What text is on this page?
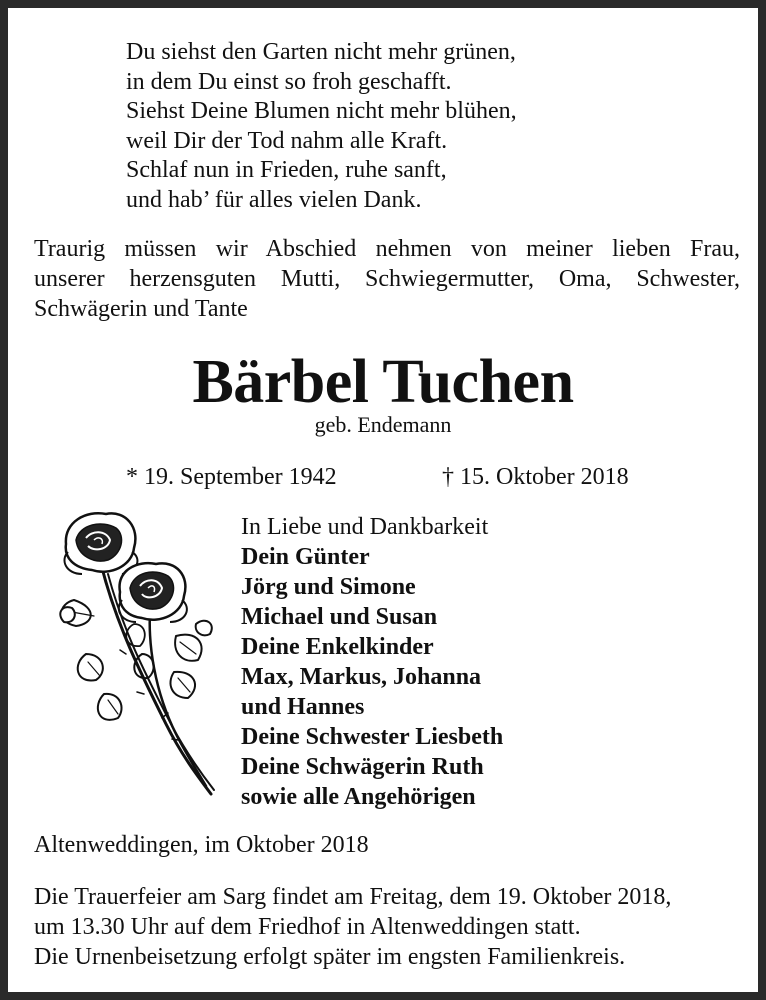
Du siehst den Garten nicht mehr grünen,
in dem Du einst so froh geschafft.
Siehst Deine Blumen nicht mehr blühen,
weil Dir der Tod nahm alle Kraft.
Schlaf nun in Frieden, ruhe sanft,
und hab’ für alles vielen Dank.
Traurig müssen wir Abschied nehmen von meiner lieben Frau,
unserer herzensguten Mutti, Schwiegermutter, Oma, Schwester,
Schwägerin und Tante
Bärbel Tuchen
geb. Endemann
* 19. September 1942	† 15. Oktober 2018
In Liebe und Dankbarkeit
Dein Günter
Jörg und Simone
Michael und Susan
Deine Enkelkinder
Max, Markus, Johanna
und Hannes
Deine Schwester Liesbeth
Deine Schwägerin Ruth
sowie alle Angehörigen
Altenweddingen, im Oktober 2018
Die Trauerfeier am Sarg findet am Freitag, dem 19. Oktober 2018,
um 13.30 Uhr auf dem Friedhof in Altenweddingen statt.
Die Urnenbeisetzung erfolgt später im engsten Familienkreis.
